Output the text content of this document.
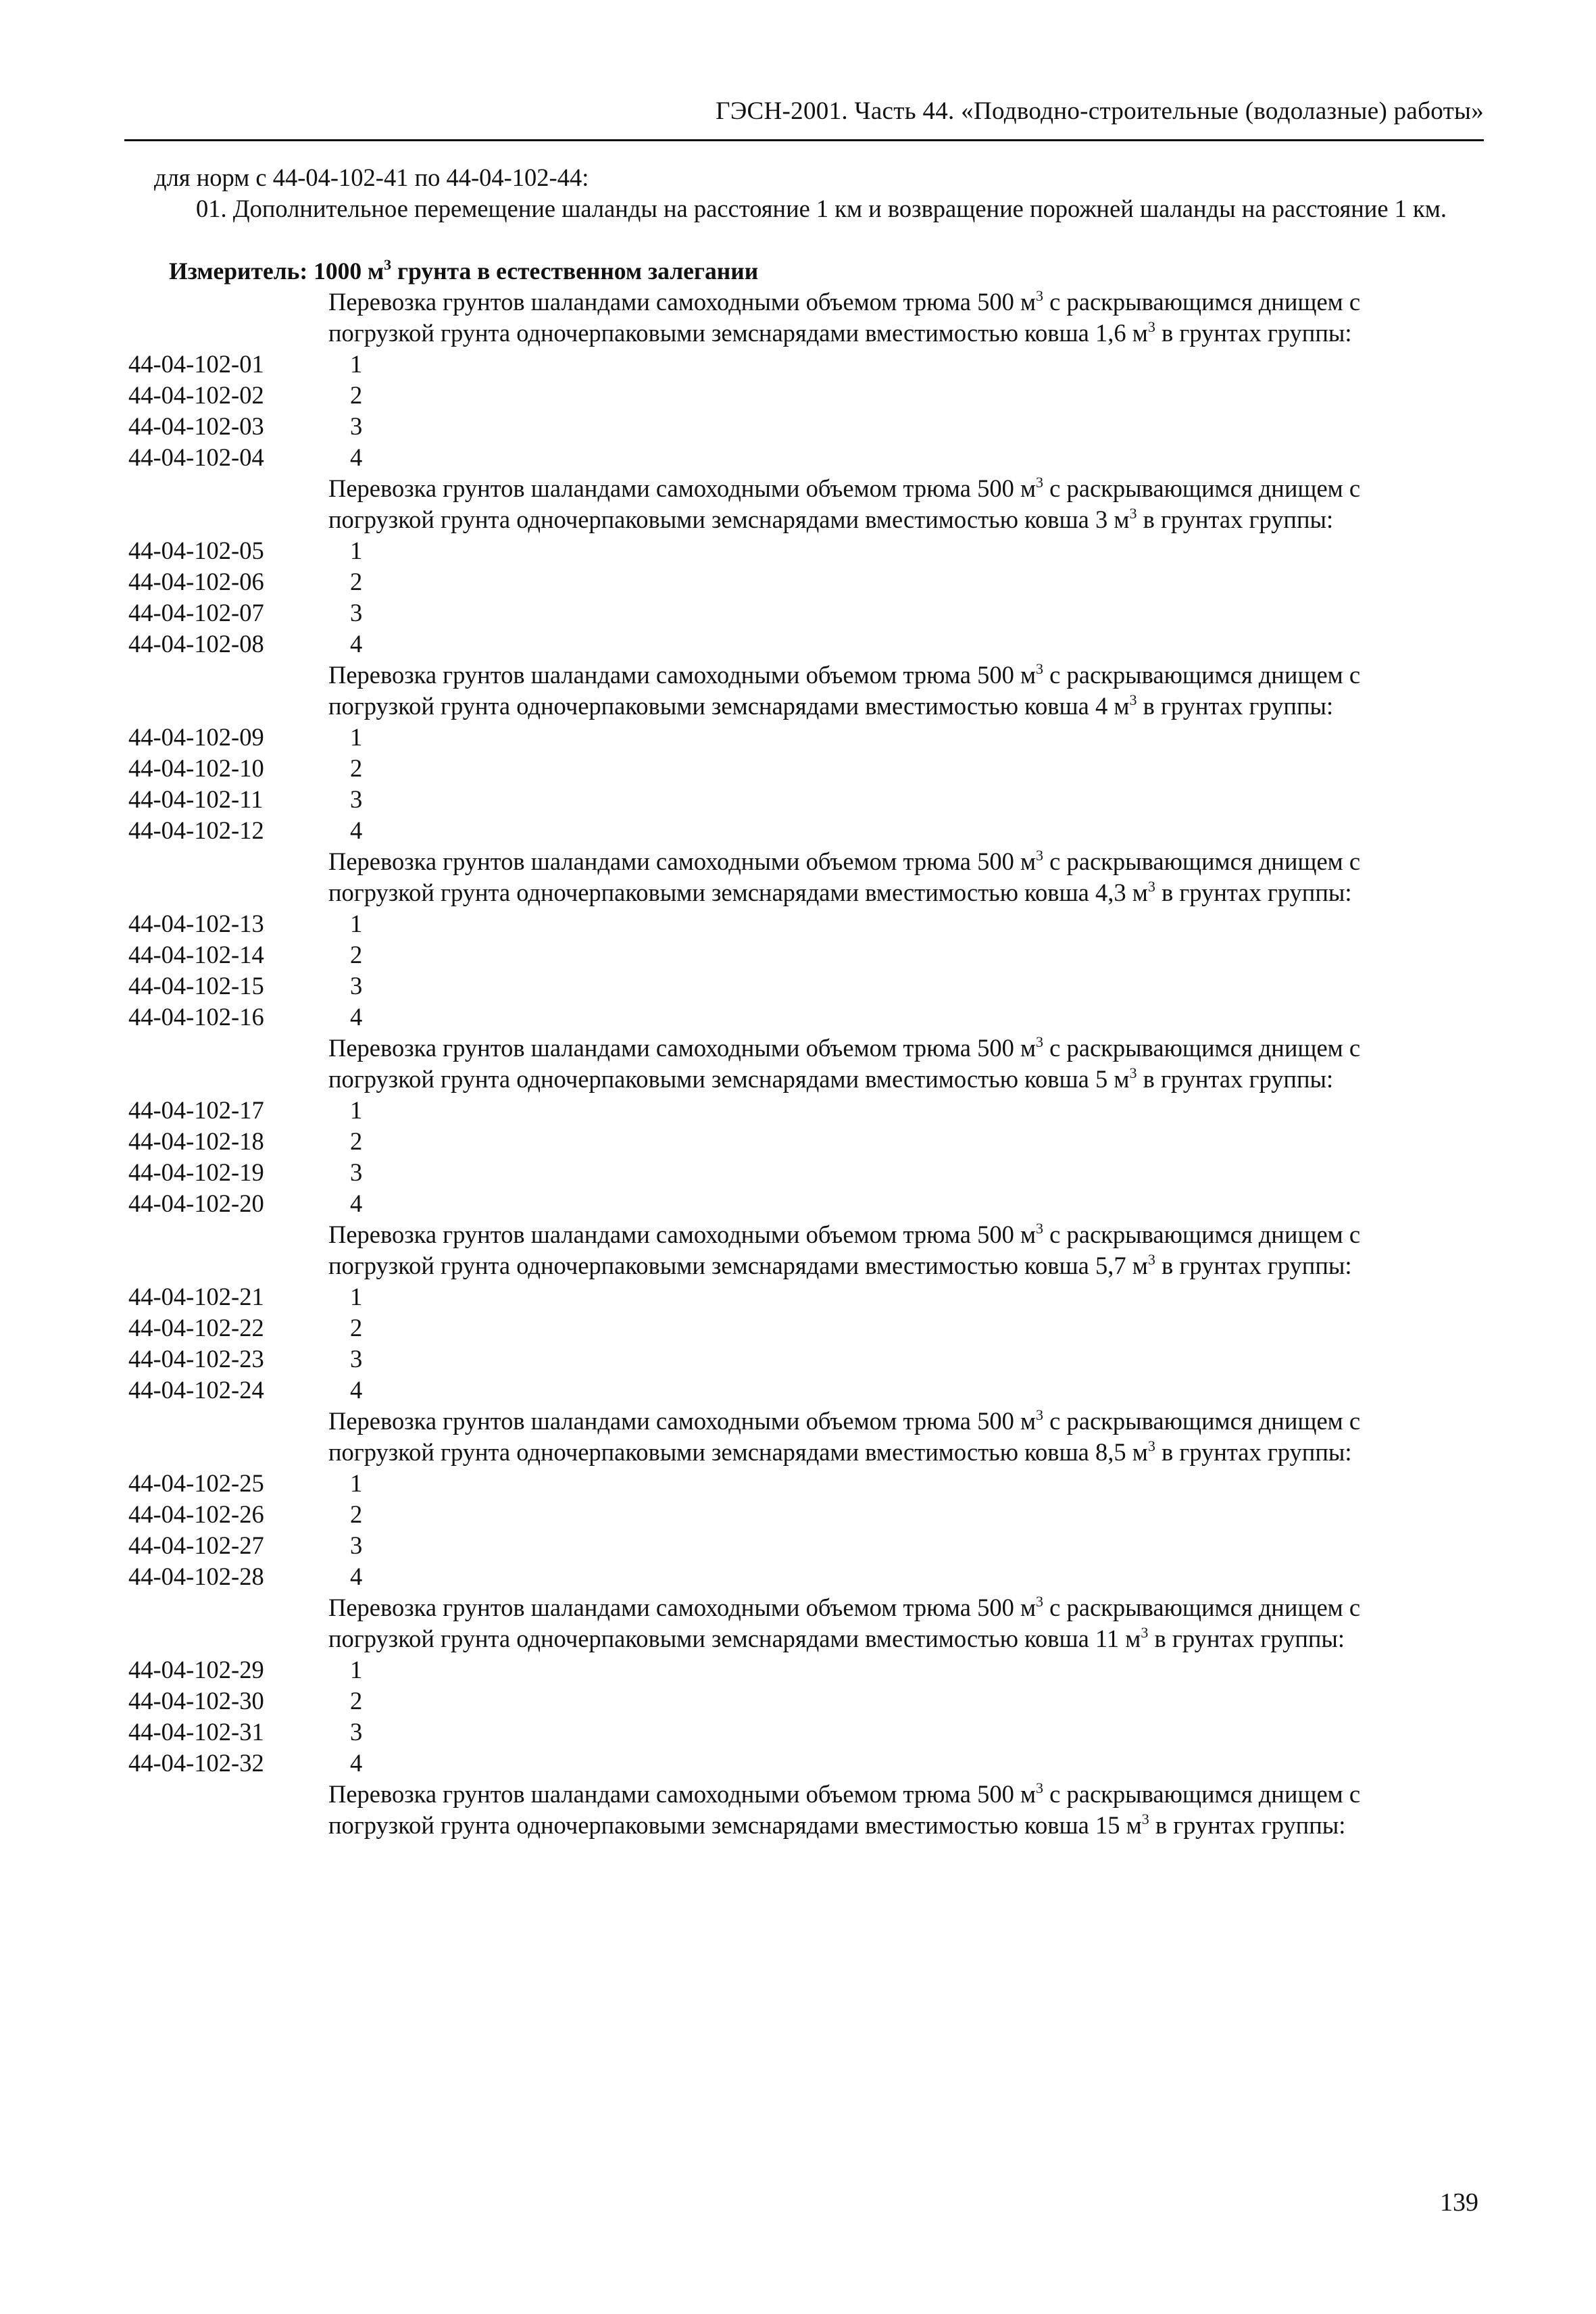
ГЭСН-2001. Часть 44. «Подводно-строительные (водолазные) работы»
для норм с 44-04-102-41 по 44-04-102-44:
01. Дополнительное перемещение шаланды на расстояние 1 км и возвращение порожней шаланды на расстояние 1 км.
Измеритель: 1000 $м^3$ грунта в естественном залегании
Перевозка грунтов шаландами самоходными объемом трюма 500 $м^3$ с раскрывающимся днищем с погрузкой грунта одночерпаковыми земснарядами вместимостью ковша 1,6 $м^3$ в грунтах группы:
44-04-102-01	1
44-04-102-02	2
44-04-102-03	3
44-04-102-04	4
Перевозка грунтов шаландами самоходными объемом трюма 500 $м^3$ с раскрывающимся днищем с погрузкой грунта одночерпаковыми земснарядами вместимостью ковша 3 $м^3$ в грунтах группы:
44-04-102-05	1
44-04-102-06	2
44-04-102-07	3
44-04-102-08	4
Перевозка грунтов шаландами самоходными объемом трюма 500 $м^3$ с раскрывающимся днищем с погрузкой грунта одночерпаковыми земснарядами вместимостью ковша 4 $м^3$ в грунтах группы:
44-04-102-09	1
44-04-102-10	2
44-04-102-11	3
44-04-102-12	4
Перевозка грунтов шаландами самоходными объемом трюма 500 $м^3$ с раскрывающимся днищем с погрузкой грунта одночерпаковыми земснарядами вместимостью ковша 4,3 $м^3$ в грунтах группы:
44-04-102-13	1
44-04-102-14	2
44-04-102-15	3
44-04-102-16	4
Перевозка грунтов шаландами самоходными объемом трюма 500 $м^3$ с раскрывающимся днищем с погрузкой грунта одночерпаковыми земснарядами вместимостью ковша 5 $м^3$ в грунтах группы:
44-04-102-17	1
44-04-102-18	2
44-04-102-19	3
44-04-102-20	4
Перевозка грунтов шаландами самоходными объемом трюма 500 $м^3$ с раскрывающимся днищем с погрузкой грунта одночерпаковыми земснарядами вместимостью ковша 5,7 $м^3$ в грунтах группы:
44-04-102-21	1
44-04-102-22	2
44-04-102-23	3
44-04-102-24	4
Перевозка грунтов шаландами самоходными объемом трюма 500 $м^3$ с раскрывающимся днищем с погрузкой грунта одночерпаковыми земснарядами вместимостью ковша 8,5 $м^3$ в грунтах группы:
44-04-102-25	1
44-04-102-26	2
44-04-102-27	3
44-04-102-28	4
Перевозка грунтов шаландами самоходными объемом трюма 500 $м^3$ с раскрывающимся днищем с погрузкой грунта одночерпаковыми земснарядами вместимостью ковша 11 $м^3$ в грунтах группы:
44-04-102-29	1
44-04-102-30	2
44-04-102-31	3
44-04-102-32	4
Перевозка грунтов шаландами самоходными объемом трюма 500 $м^3$ с раскрывающимся днищем с погрузкой грунта одночерпаковыми земснарядами вместимостью ковша 15 $м^3$ в грунтах группы:
139
